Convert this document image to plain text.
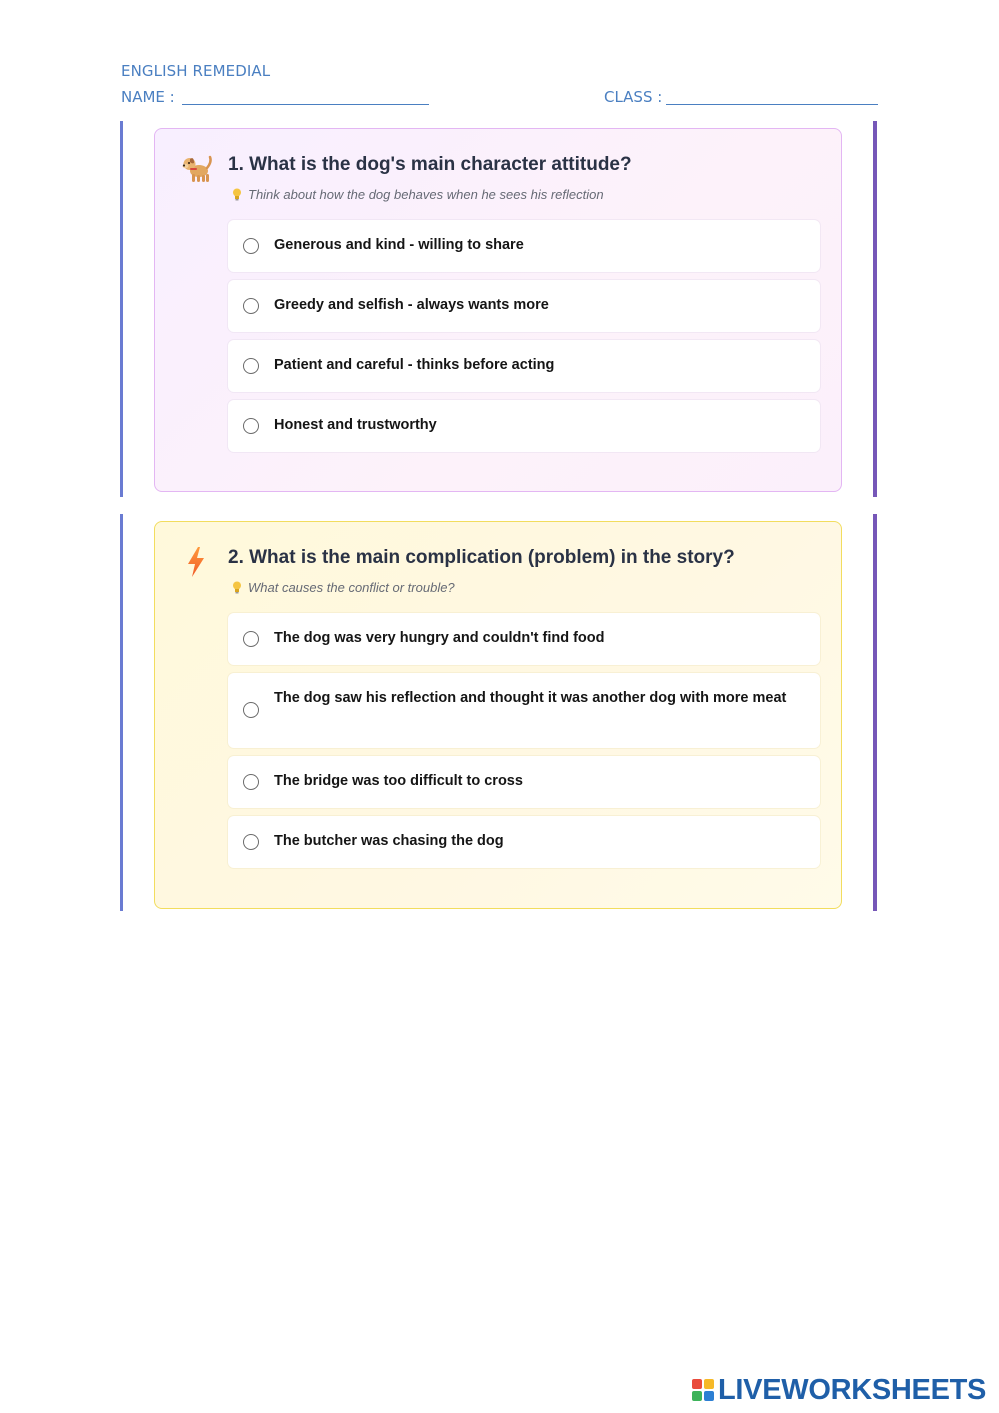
ENGLISH REMEDIAL
NAME :	CLASS :
1. What is the dog's main character attitude?
Think about how the dog behaves when he sees his reflection
Generous and kind - willing to share
Greedy and selfish - always wants more
Patient and careful - thinks before acting
Honest and trustworthy
2. What is the main complication (problem) in the story?
What causes the conflict or trouble?
The dog was very hungry and couldn't find food
The dog saw his reflection and thought it was another dog with more meat
The bridge was too difficult to cross
The butcher was chasing the dog
LIVEWORKSHEETS
